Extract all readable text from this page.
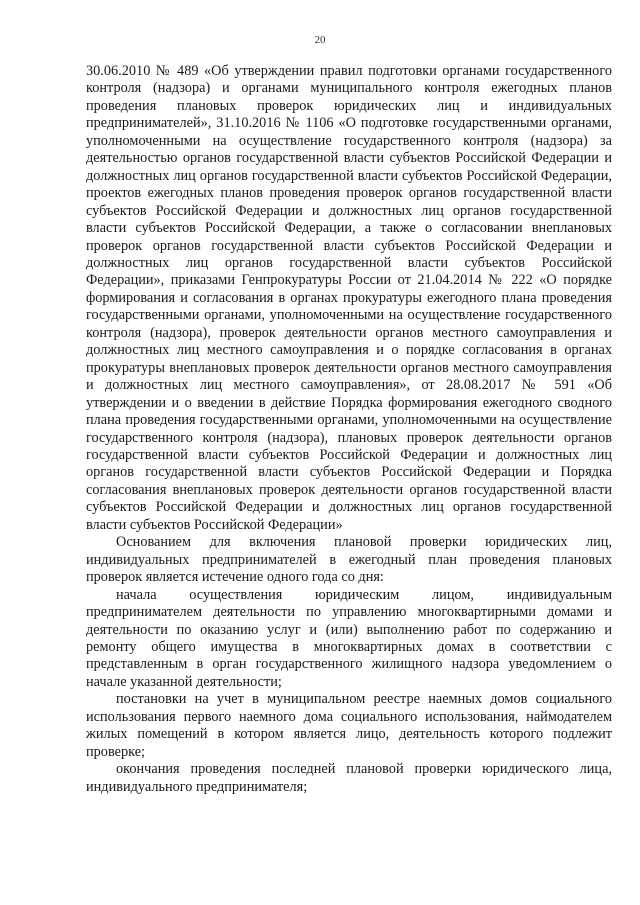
20

30.06.2010 № 489 «Об утверждении правил подготовки органами государственного контроля (надзора) и органами муниципального контроля ежегодных планов проведения плановых проверок юридических лиц и индивидуальных предпринимателей», 31.10.2016 № 1106 «О подготовке государственными органами, уполномоченными на осуществление государственного контроля (надзора) за деятельностью органов государственной власти субъектов Российской Федерации и должностных лиц органов государственной власти субъектов Российской Федерации, проектов ежегодных планов проведения проверок органов государственной власти субъектов Российской Федерации и должностных лиц органов государственной власти субъектов Российской Федерации, а также о согласовании внеплановых проверок органов государственной власти субъектов Российской Федерации и должностных лиц органов государственной власти субъектов Российской Федерации», приказами Генпрокуратуры России от 21.04.2014 № 222 «О порядке формирования и согласования в органах прокуратуры ежегодного плана проведения государственными органами, уполномоченными на осуществление государственного контроля (надзора), проверок деятельности органов местного самоуправления и должностных лиц местного самоуправления и о порядке согласования в органах прокуратуры внеплановых проверок деятельности органов местного самоуправления и должностных лиц местного самоуправления», от 28.08.2017 № 591 «Об утверждении и о введении в действие Порядка формирования ежегодного сводного плана проведения государственными органами, уполномоченными на осуществление государственного контроля (надзора), плановых проверок деятельности органов государственной власти субъектов Российской Федерации и должностных лиц органов государственной власти субъектов Российской Федерации и Порядка согласования внеплановых проверок деятельности органов государственной власти субъектов Российской Федерации и должностных лиц органов государственной власти субъектов Российской Федерации»

Основанием для включения плановой проверки юридических лиц, индивидуальных предпринимателей в ежегодный план проведения плановых проверок является истечение одного года со дня:

начала осуществления юридическим лицом, индивидуальным предпринимателем деятельности по управлению многоквартирными домами и деятельности по оказанию услуг и (или) выполнению работ по содержанию и ремонту общего имущества в многоквартирных домах в соответствии с представленным в орган государственного жилищного надзора уведомлением о начале указанной деятельности;

постановки на учет в муниципальном реестре наемных домов социального использования первого наемного дома социального использования, наймодателем жилых помещений в котором является лицо, деятельность которого подлежит проверке;

окончания проведения последней плановой проверки юридического лица, индивидуального предпринимателя;
